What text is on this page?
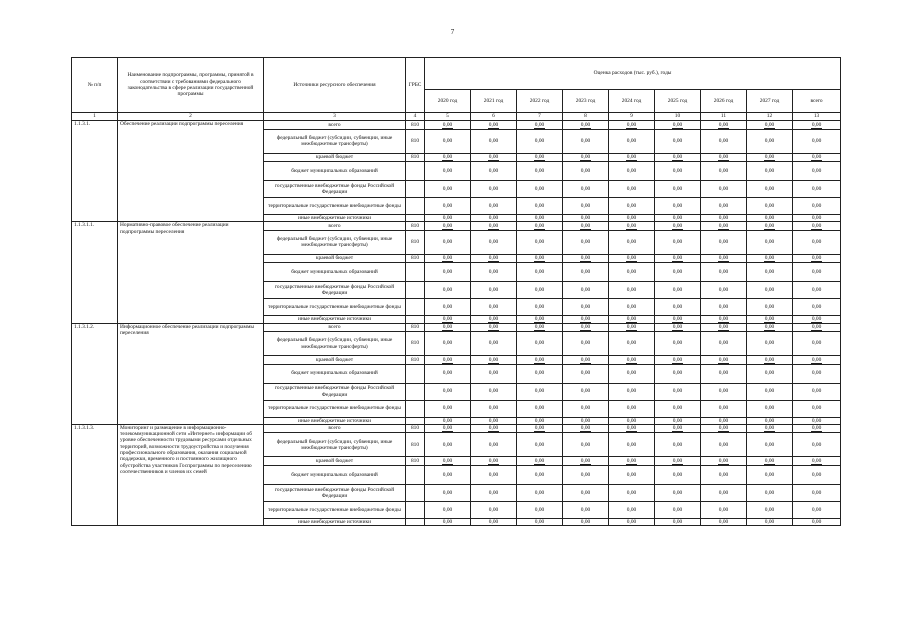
7
№ п/п	Наименование подпрограммы, программы, принятой в соответствии с требованиями федерального законодательства в сфере реализации государственной программы	Источники ресурсного обеспечения	ГРБС	Оценка расходов (тыс. руб.), годы								
				2020 год	2021 год	2022 год	2023 год	2024 год	2025 год	2026 год	2027 год	всего
1	2	3	4	5	6	7	8	9	10	11	12	13
1.1.3.1.	Обеспечение реализации подпрограммы переселения	всего	810	0,00	0,00	0,00	0,00	0,00	0,00	0,00	0,00	0,00
		федеральный бюджет (субсидии, субвенции, иные межбюджетные трансферты)	810	0,00	0,00	0,00	0,00	0,00	0,00	0,00	0,00	0,00
		краевой бюджет	810	0,00	0,00	0,00	0,00	0,00	0,00	0,00	0,00	0,00
		бюджет муниципальных образований		0,00	0,00	0,00	0,00	0,00	0,00	0,00	0,00	0,00
		государственные внебюджетные фонды Российской Федерации		0,00	0,00	0,00	0,00	0,00	0,00	0,00	0,00	0,00
		территориальные государственные внебюджетные фонды		0,00	0,00	0,00	0,00	0,00	0,00	0,00	0,00	0,00
		иные внебюджетные источники		0,00	0,00	0,00	0,00	0,00	0,00	0,00	0,00	0,00
1.1.3.1.1.	Нормативно-правовое обеспечение реализации подпрограммы переселения	всего	810	0,00	0,00	0,00	0,00	0,00	0,00	0,00	0,00	0,00
		федеральный бюджет (субсидии, субвенции, иные межбюджетные трансферты)	810	0,00	0,00	0,00	0,00	0,00	0,00	0,00	0,00	0,00
		краевой бюджет	810	0,00	0,00	0,00	0,00	0,00	0,00	0,00	0,00	0,00
		бюджет муниципальных образований		0,00	0,00	0,00	0,00	0,00	0,00	0,00	0,00	0,00
		государственные внебюджетные фонды Российской Федерации		0,00	0,00	0,00	0,00	0,00	0,00	0,00	0,00	0,00
		территориальные государственные внебюджетные фонды		0,00	0,00	0,00	0,00	0,00	0,00	0,00	0,00	0,00
		иные внебюджетные источники		0,00	0,00	0,00	0,00	0,00	0,00	0,00	0,00	0,00
1.1.3.1.2.	Информационное обеспечение реализации подпрограммы переселения	всего	810	0,00	0,00	0,00	0,00	0,00	0,00	0,00	0,00	0,00
		федеральный бюджет (субсидии, субвенции, иные межбюджетные трансферты)	810	0,00	0,00	0,00	0,00	0,00	0,00	0,00	0,00	0,00
		краевой бюджет	810	0,00	0,00	0,00	0,00	0,00	0,00	0,00	0,00	0,00
		бюджет муниципальных образований		0,00	0,00	0,00	0,00	0,00	0,00	0,00	0,00	0,00
		государственные внебюджетные фонды Российской Федерации		0,00	0,00	0,00	0,00	0,00	0,00	0,00	0,00	0,00
		территориальные государственные внебюджетные фонды		0,00	0,00	0,00	0,00	0,00	0,00	0,00	0,00	0,00
		иные внебюджетные источники		0,00	0,00	0,00	0,00	0,00	0,00	0,00	0,00	0,00
1.1.3.1.3.	Мониторинг и размещение в информационно-телекоммуникационной сети «Интернет» информации об уровне обеспеченности трудовыми ресурсами отдельных территорий, возможности трудоустройства и получения профессионального образования, оказания социальной поддержки, временного и постоянного жилищного обустройства участников Госпрограммы по переселению соотечественников и членов их семей	всего	810	0,00	0,00	0,00	0,00	0,00	0,00	0,00	0,00	0,00
		федеральный бюджет (субсидии, субвенции, иные межбюджетные трансферты)	810	0,00	0,00	0,00	0,00	0,00	0,00	0,00	0,00	0,00
		краевой бюджет	810	0,00	0,00	0,00	0,00	0,00	0,00	0,00	0,00	0,00
		бюджет муниципальных образований		0,00	0,00	0,00	0,00	0,00	0,00	0,00	0,00	0,00
		государственные внебюджетные фонды Российской Федерации		0,00	0,00	0,00	0,00	0,00	0,00	0,00	0,00	0,00
		территориальные государственные внебюджетные фонды		0,00	0,00	0,00	0,00	0,00	0,00	0,00	0,00	0,00
		иные внебюджетные источники		0,00	0,00	0,00	0,00	0,00	0,00	0,00	0,00	0,00
